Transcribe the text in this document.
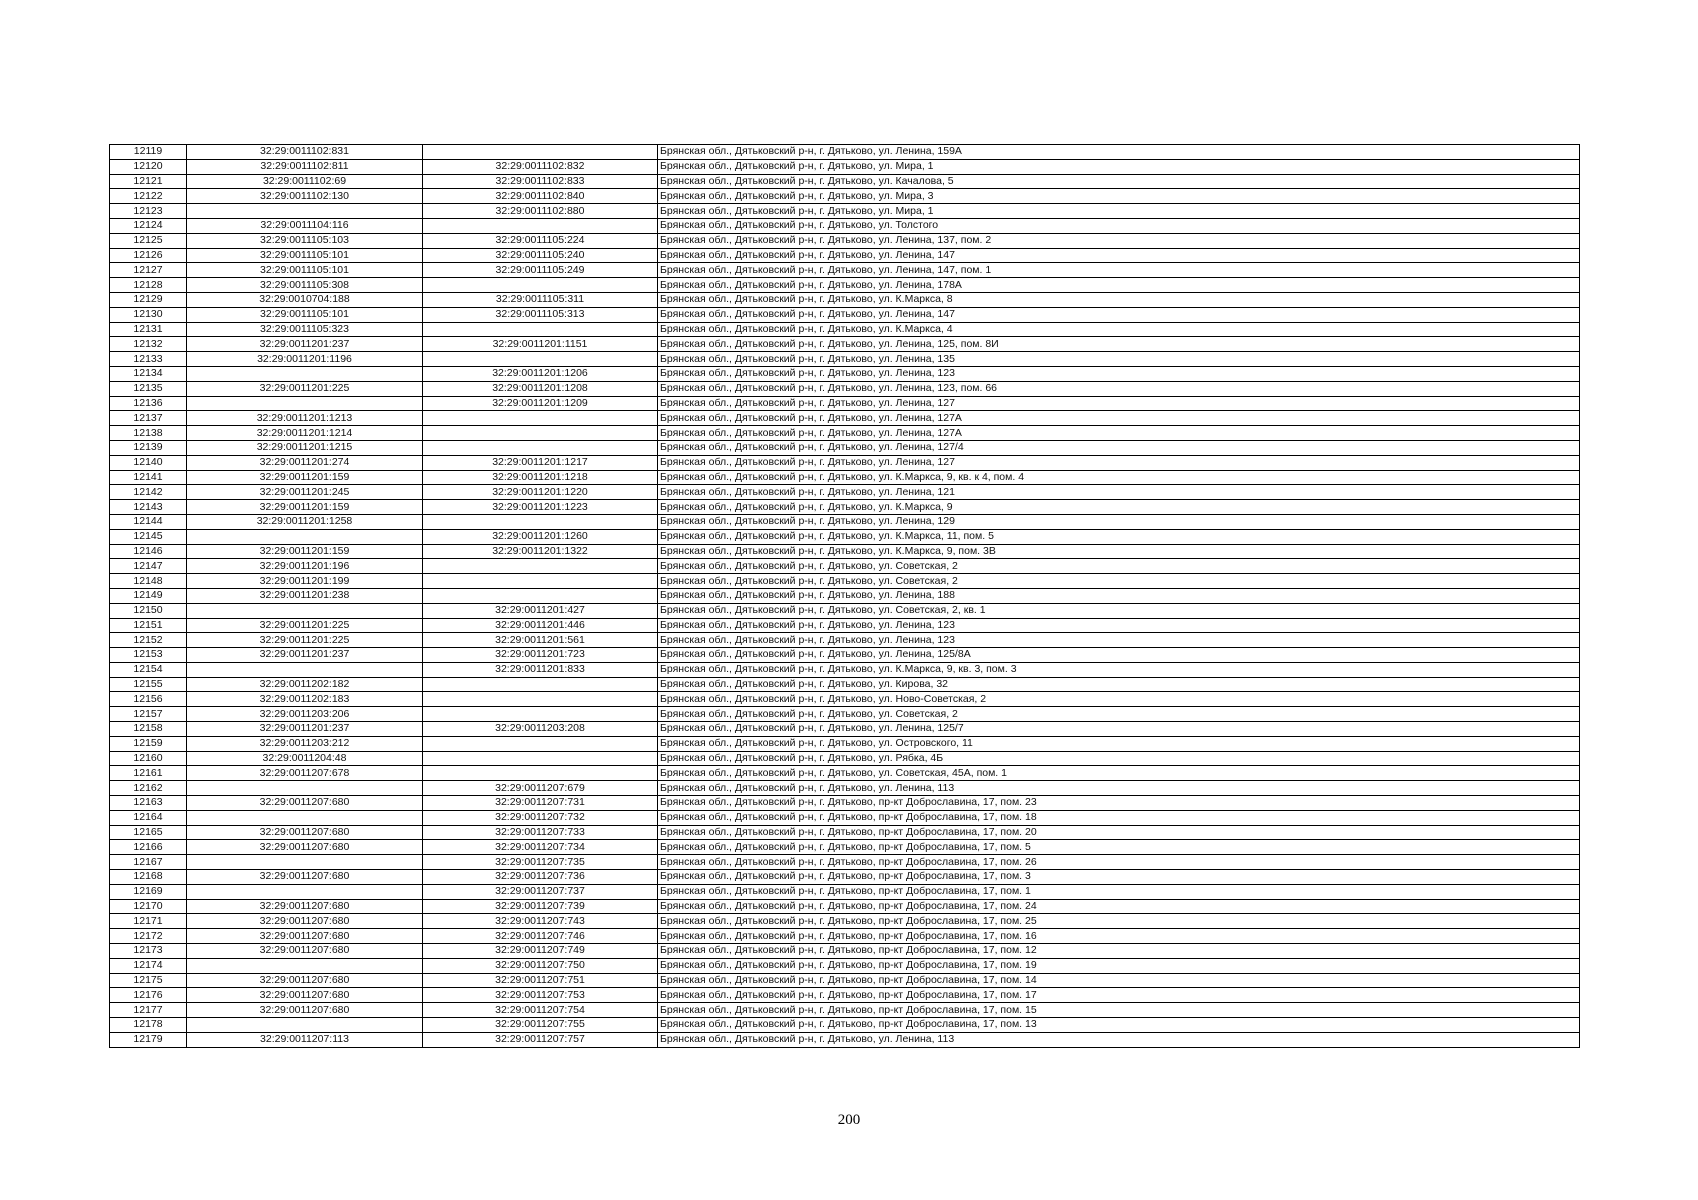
12119	32:29:0011102:831		Брянская обл., Дятьковский р-н, г. Дятьково, ул. Ленина, 159А
12120	32:29:0011102:811	32:29:0011102:832	Брянская обл., Дятьковский р-н, г. Дятьково, ул. Мира, 1
12121	32:29:0011102:69	32:29:0011102:833	Брянская обл., Дятьковский р-н, г. Дятьково, ул. Качалова, 5
12122	32:29:0011102:130	32:29:0011102:840	Брянская обл., Дятьковский р-н, г. Дятьково, ул. Мира, 3
12123		32:29:0011102:880	Брянская обл., Дятьковский р-н, г. Дятьково, ул. Мира, 1
12124	32:29:0011104:116		Брянская обл., Дятьковский р-н, г. Дятьково, ул. Толстого
12125	32:29:0011105:103	32:29:0011105:224	Брянская обл., Дятьковский р-н, г. Дятьково, ул. Ленина, 137, пом. 2
12126	32:29:0011105:101	32:29:0011105:240	Брянская обл., Дятьковский р-н, г. Дятьково, ул. Ленина, 147
12127	32:29:0011105:101	32:29:0011105:249	Брянская обл., Дятьковский р-н, г. Дятьково, ул. Ленина, 147, пом. 1
12128	32:29:0011105:308		Брянская обл., Дятьковский р-н, г. Дятьково, ул. Ленина, 178А
12129	32:29:0010704:188	32:29:0011105:311	Брянская обл., Дятьковский р-н, г. Дятьково, ул. К.Маркса, 8
12130	32:29:0011105:101	32:29:0011105:313	Брянская обл., Дятьковский р-н, г. Дятьково, ул. Ленина, 147
12131	32:29:0011105:323		Брянская обл., Дятьковский р-н, г. Дятьково, ул. К.Маркса, 4
12132	32:29:0011201:237	32:29:0011201:1151	Брянская обл., Дятьковский р-н, г. Дятьково, ул. Ленина, 125, пом. 8И
12133	32:29:0011201:1196		Брянская обл., Дятьковский р-н, г. Дятьково, ул. Ленина, 135
12134		32:29:0011201:1206	Брянская обл., Дятьковский р-н, г. Дятьково, ул. Ленина, 123
12135	32:29:0011201:225	32:29:0011201:1208	Брянская обл., Дятьковский р-н, г. Дятьково, ул. Ленина, 123, пом. 66
12136		32:29:0011201:1209	Брянская обл., Дятьковский р-н, г. Дятьково, ул. Ленина, 127
12137	32:29:0011201:1213		Брянская обл., Дятьковский р-н, г. Дятьково, ул. Ленина, 127А
12138	32:29:0011201:1214		Брянская обл., Дятьковский р-н, г. Дятьково, ул. Ленина, 127А
12139	32:29:0011201:1215		Брянская обл., Дятьковский р-н, г. Дятьково, ул. Ленина, 127/4
12140	32:29:0011201:274	32:29:0011201:1217	Брянская обл., Дятьковский р-н, г. Дятьково, ул. Ленина, 127
12141	32:29:0011201:159	32:29:0011201:1218	Брянская обл., Дятьковский р-н, г. Дятьково, ул. К.Маркса, 9, кв. к 4, пом. 4
12142	32:29:0011201:245	32:29:0011201:1220	Брянская обл., Дятьковский р-н, г. Дятьково, ул. Ленина, 121
12143	32:29:0011201:159	32:29:0011201:1223	Брянская обл., Дятьковский р-н, г. Дятьково, ул. К.Маркса, 9
12144	32:29:0011201:1258		Брянская обл., Дятьковский р-н, г. Дятьково, ул. Ленина, 129
12145		32:29:0011201:1260	Брянская обл., Дятьковский р-н, г. Дятьково, ул. К.Маркса, 11, пом. 5
12146	32:29:0011201:159	32:29:0011201:1322	Брянская обл., Дятьковский р-н, г. Дятьково, ул. К.Маркса, 9, пом. 3В
12147	32:29:0011201:196		Брянская обл., Дятьковский р-н, г. Дятьково, ул. Советская, 2
12148	32:29:0011201:199		Брянская обл., Дятьковский р-н, г. Дятьково, ул. Советская, 2
12149	32:29:0011201:238		Брянская обл., Дятьковский р-н, г. Дятьково, ул. Ленина, 188
12150		32:29:0011201:427	Брянская обл., Дятьковский р-н, г. Дятьково, ул. Советская, 2, кв. 1
12151	32:29:0011201:225	32:29:0011201:446	Брянская обл., Дятьковский р-н, г. Дятьково, ул. Ленина, 123
12152	32:29:0011201:225	32:29:0011201:561	Брянская обл., Дятьковский р-н, г. Дятьково, ул. Ленина, 123
12153	32:29:0011201:237	32:29:0011201:723	Брянская обл., Дятьковский р-н, г. Дятьково, ул. Ленина, 125/8А
12154		32:29:0011201:833	Брянская обл., Дятьковский р-н, г. Дятьково, ул. К.Маркса, 9, кв. 3, пом. 3
12155	32:29:0011202:182		Брянская обл., Дятьковский р-н, г. Дятьково, ул. Кирова, 32
12156	32:29:0011202:183		Брянская обл., Дятьковский р-н, г. Дятьково, ул. Ново-Советская, 2
12157	32:29:0011203:206		Брянская обл., Дятьковский р-н, г. Дятьково, ул. Советская, 2
12158	32:29:0011201:237	32:29:0011203:208	Брянская обл., Дятьковский р-н, г. Дятьково, ул. Ленина, 125/7
12159	32:29:0011203:212		Брянская обл., Дятьковский р-н, г. Дятьково, ул. Островского, 11
12160	32:29:0011204:48		Брянская обл., Дятьковский р-н, г. Дятьково, ул. Рябка, 4Б
12161	32:29:0011207:678		Брянская обл., Дятьковский р-н, г. Дятьково, ул. Советская, 45А, пом. 1
12162		32:29:0011207:679	Брянская обл., Дятьковский р-н, г. Дятьково, ул. Ленина, 113
12163	32:29:0011207:680	32:29:0011207:731	Брянская обл., Дятьковский р-н, г. Дятьково, пр-кт Доброславина, 17, пом. 23
12164		32:29:0011207:732	Брянская обл., Дятьковский р-н, г. Дятьково, пр-кт Доброславина, 17, пом. 18
12165	32:29:0011207:680	32:29:0011207:733	Брянская обл., Дятьковский р-н, г. Дятьково, пр-кт Доброславина, 17, пом. 20
12166	32:29:0011207:680	32:29:0011207:734	Брянская обл., Дятьковский р-н, г. Дятьково, пр-кт Доброславина, 17, пом. 5
12167		32:29:0011207:735	Брянская обл., Дятьковский р-н, г. Дятьково, пр-кт Доброславина, 17, пом. 26
12168	32:29:0011207:680	32:29:0011207:736	Брянская обл., Дятьковский р-н, г. Дятьково, пр-кт Доброславина, 17, пом. 3
12169		32:29:0011207:737	Брянская обл., Дятьковский р-н, г. Дятьково, пр-кт Доброславина, 17, пом. 1
12170	32:29:0011207:680	32:29:0011207:739	Брянская обл., Дятьковский р-н, г. Дятьково, пр-кт Доброславина, 17, пом. 24
12171	32:29:0011207:680	32:29:0011207:743	Брянская обл., Дятьковский р-н, г. Дятьково, пр-кт Доброславина, 17, пом. 25
12172	32:29:0011207:680	32:29:0011207:746	Брянская обл., Дятьковский р-н, г. Дятьково, пр-кт Доброславина, 17, пом. 16
12173	32:29:0011207:680	32:29:0011207:749	Брянская обл., Дятьковский р-н, г. Дятьково, пр-кт Доброславина, 17, пом. 12
12174		32:29:0011207:750	Брянская обл., Дятьковский р-н, г. Дятьково, пр-кт Доброславина, 17, пом. 19
12175	32:29:0011207:680	32:29:0011207:751	Брянская обл., Дятьковский р-н, г. Дятьково, пр-кт Доброславина, 17, пом. 14
12176	32:29:0011207:680	32:29:0011207:753	Брянская обл., Дятьковский р-н, г. Дятьково, пр-кт Доброславина, 17, пом. 17
12177	32:29:0011207:680	32:29:0011207:754	Брянская обл., Дятьковский р-н, г. Дятьково, пр-кт Доброславина, 17, пом. 15
12178		32:29:0011207:755	Брянская обл., Дятьковский р-н, г. Дятьково, пр-кт Доброславина, 17, пом. 13
12179	32:29:0011207:113	32:29:0011207:757	Брянская обл., Дятьковский р-н, г. Дятьково, ул. Ленина, 113
200
